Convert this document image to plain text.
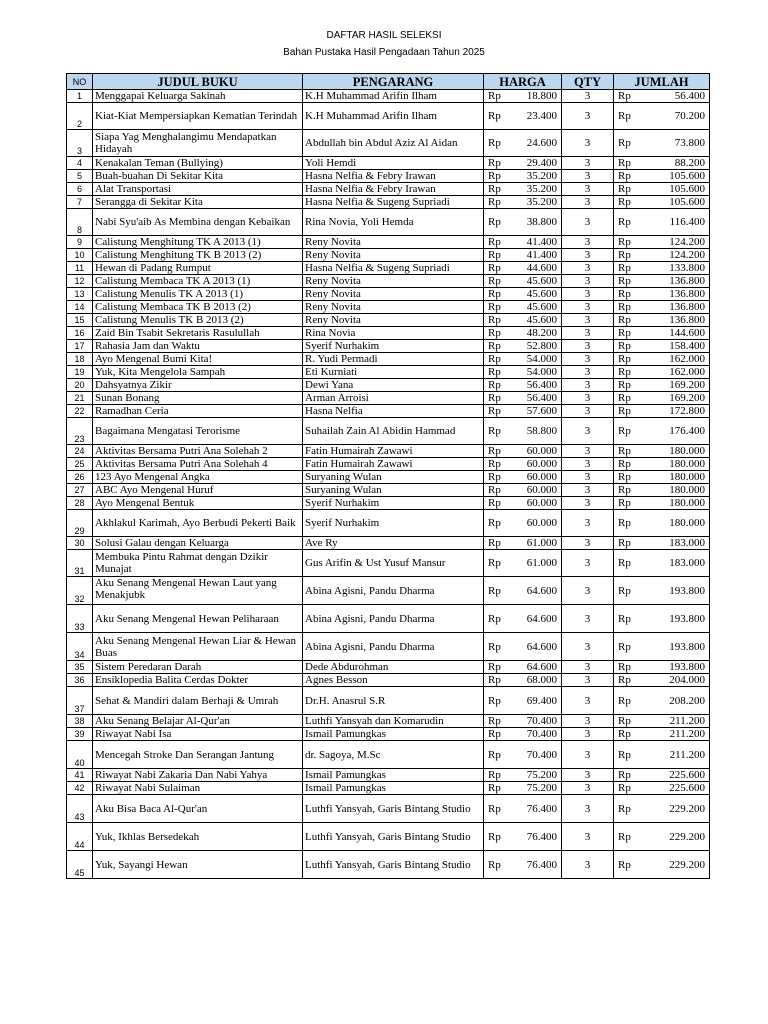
DAFTAR HASIL SELEKSI
Bahan Pustaka Hasil Pengadaan Tahun 2025
NO	JUDUL BUKU	PENGARANG	HARGA		QTY	JUMLAH	
1	Menggapai Keluarga Sakinah	K.H Muhammad Arifin Ilham	Rp	18.800	3	Rp	56.400
2	Kiat-Kiat Mempersiapkan Kematian Terindah	K.H Muhammad Arifin Ilham	Rp	23.400	3	Rp	70.200
3	Siapa Yag Menghalangimu Mendapatkan Hidayah	Abdullah bin Abdul Aziz Al Aidan	Rp	24.600	3	Rp	73.800
4	Kenakalan Teman (Bullying)	Yoli Hemdi	Rp	29.400	3	Rp	88.200
5	Buah-buahan Di Sekitar Kita	Hasna Nelfia & Febry Irawan	Rp	35.200	3	Rp	105.600
6	Alat Transportasi	Hasna Nelfia & Febry Irawan	Rp	35.200	3	Rp	105.600
7	Serangga di Sekitar Kita	Hasna Nelfia & Sugeng Supriadi	Rp	35.200	3	Rp	105.600
8	Nabi Syu'aib As Membina dengan Kebaikan	Rina Novia, Yoli Hemda	Rp	38.800	3	Rp	116.400
9	Calistung Menghitung TK A 2013 (1)	Reny Novita	Rp	41.400	3	Rp	124.200
10	Calistung Menghitung TK B 2013 (2)	Reny Novita	Rp	41.400	3	Rp	124.200
11	Hewan di Padang Rumput	Hasna Nelfia & Sugeng Supriadi	Rp	44.600	3	Rp	133.800
12	Calistung Membaca TK A 2013 (1)	Reny Novita	Rp	45.600	3	Rp	136.800
13	Calistung Menulis TK A 2013 (1)	Reny Novita	Rp	45.600	3	Rp	136.800
14	Calistung Membaca TK B 2013 (2)	Reny Novita	Rp	45.600	3	Rp	136.800
15	Calistung Menulis TK B 2013 (2)	Reny Novita	Rp	45.600	3	Rp	136.800
16	Zaid Bin Tsabit Sekretaris Rasulullah	Rina Novia	Rp	48.200	3	Rp	144.600
17	Rahasia Jam dan Waktu	Syerif Nurhakim	Rp	52.800	3	Rp	158.400
18	Ayo Mengenal Bumi Kita!	R. Yudi Permadi	Rp	54.000	3	Rp	162.000
19	Yuk, Kita Mengelola Sampah	Eti Kurniati	Rp	54.000	3	Rp	162.000
20	Dahsyatnya Zikir	Dewi Yana	Rp	56.400	3	Rp	169.200
21	Sunan Bonang	Arman Arroisi	Rp	56.400	3	Rp	169.200
22	Ramadhan Ceria	Hasna Nelfia	Rp	57.600	3	Rp	172.800
23	Bagaimana Mengatasi Terorisme	Suhailah Zain Al Abidin Hammad	Rp	58.800	3	Rp	176.400
24	Aktivitas Bersama Putri Ana Solehah 2	Fatin Humairah Zawawi	Rp	60.000	3	Rp	180.000
25	Aktivitas Bersama Putri Ana Solehah 4	Fatin Humairah Zawawi	Rp	60.000	3	Rp	180.000
26	123 Ayo Mengenal Angka	Suryaning Wulan	Rp	60.000	3	Rp	180.000
27	ABC Ayo Mengenal Huruf	Suryaning Wulan	Rp	60.000	3	Rp	180.000
28	Ayo Mengenal Bentuk	Syerif Nurhakim	Rp	60.000	3	Rp	180.000
29	Akhlakul Karimah, Ayo Berbudi Pekerti Baik	Syerif Nurhakim	Rp	60.000	3	Rp	180.000
30	Solusi Galau dengan Keluarga	Ave Ry	Rp	61.000	3	Rp	183.000
31	Membuka Pintu Rahmat dengan Dzikir Munajat	Gus Arifin & Ust Yusuf Mansur	Rp	61.000	3	Rp	183.000
32	Aku Senang Mengenal Hewan Laut yang Menakjubk	Abina Agisni, Pandu Dharma	Rp	64.600	3	Rp	193.800
33	Aku Senang Mengenal Hewan Peliharaan	Abina Agisni, Pandu Dharma	Rp	64.600	3	Rp	193.800
34	Aku Senang Mengenal Hewan Liar & Hewan Buas	Abina Agisni, Pandu Dharma	Rp	64.600	3	Rp	193.800
35	Sistem Peredaran Darah	Dede Abdurohman	Rp	64.600	3	Rp	193.800
36	Ensiklopedia Balita Cerdas Dokter	Agnes Besson	Rp	68.000	3	Rp	204.000
37	Sehat & Mandiri dalam Berhaji & Umrah	Dr.H. Anasrul S.R	Rp	69.400	3	Rp	208.200
38	Aku Senang Belajar Al-Qur'an	Luthfi Yansyah dan Komarudin	Rp	70.400	3	Rp	211.200
39	Riwayat Nabi Isa	Ismail Pamungkas	Rp	70.400	3	Rp	211.200
40	Mencegah Stroke Dan Serangan Jantung	dr. Sagoya, M.Sc	Rp	70.400	3	Rp	211.200
41	Riwayat Nabi Zakaria Dan Nabi Yahya	Ismail Pamungkas	Rp	75.200	3	Rp	225.600
42	Riwayat Nabi Sulaiman	Ismail Pamungkas	Rp	75.200	3	Rp	225.600
43	Aku Bisa Baca Al-Qur'an	Luthfi Yansyah, Garis Bintang Studio	Rp	76.400	3	Rp	229.200
44	Yuk, Ikhlas Bersedekah	Luthfi Yansyah, Garis Bintang Studio	Rp	76.400	3	Rp	229.200
45	Yuk, Sayangi Hewan	Luthfi Yansyah, Garis Bintang Studio	Rp	76.400	3	Rp	229.200
